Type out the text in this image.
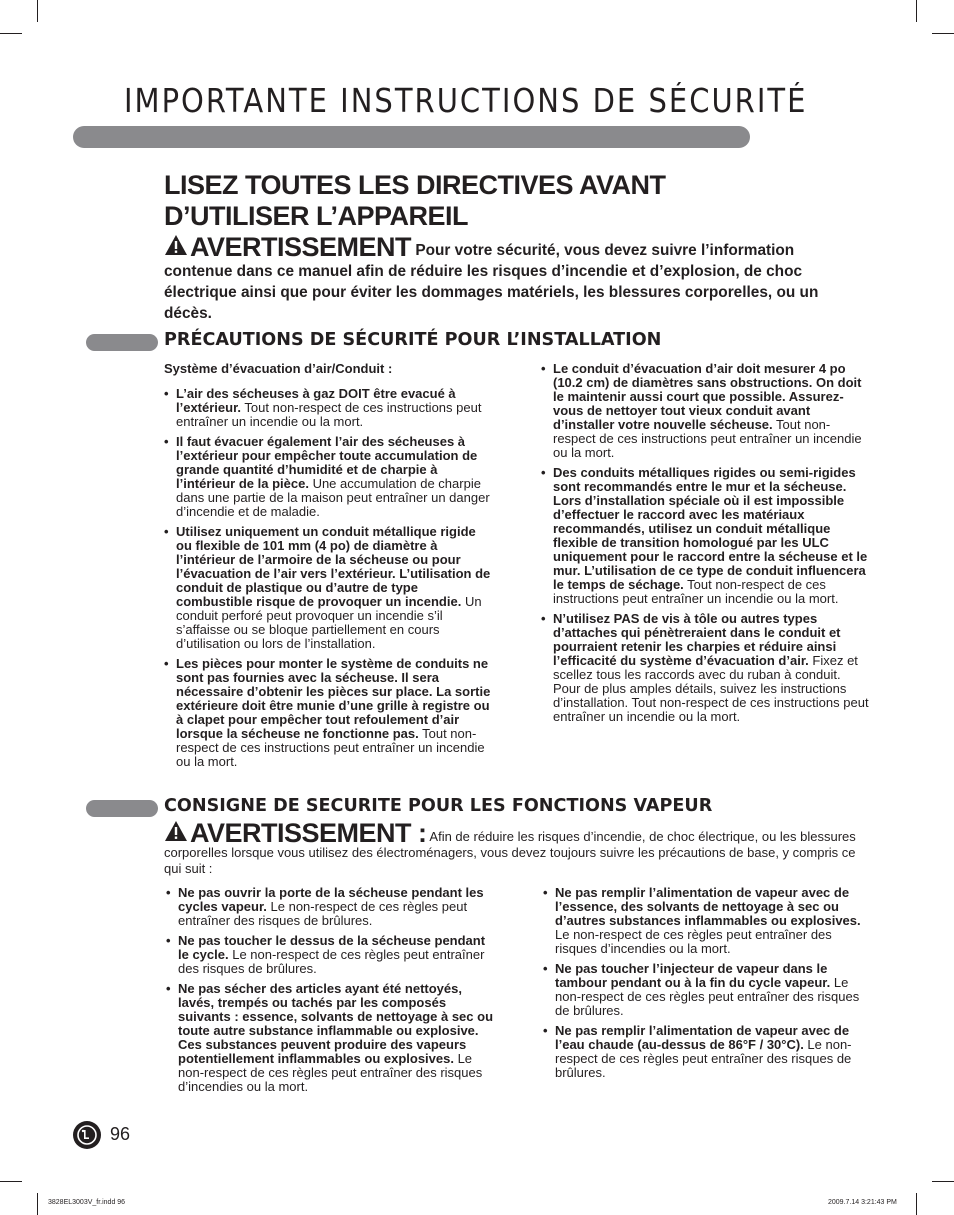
IMPORTANTE INSTRUCTIONS DE SÉCURITÉ
LISEZ TOUTES LES DIRECTIVES AVANT
D’UTILISER L’APPAREIL
AVERTISSEMENT Pour votre sécurité, vous devez suivre l’information contenue dans ce manuel afin de réduire les risques d’incendie et d’explosion, de choc électrique ainsi que pour éviter les dommages matériels, les blessures corporelles, ou un décès.
PRÉCAUTIONS DE SÉCURITÉ POUR L’INSTALLATION
Système d’évacuation d’air/Conduit :
• L’air des sécheuses à gaz DOIT être evacué à l’extérieur. Tout non-respect de ces instructions peut entraîner un incendie ou la mort.
• Il faut évacuer également l’air des sécheuses à l’extérieur pour empêcher toute accumulation de grande quantité d’humidité et de charpie à l’intérieur de la pièce. Une accumulation de charpie dans une partie de la maison peut entraîner un danger d’incendie et de maladie.
• Utilisez uniquement un conduit métallique rigide ou flexible de 101 mm (4 po) de diamètre à l’intérieur de l’armoire de la sécheuse ou pour l’évacuation de l’air vers l’extérieur. L’utilisation de conduit de plastique ou d’autre de type combustible risque de provoquer un incendie. Un conduit perforé peut provoquer un incendie s’il s’affaisse ou se bloque partiellement en cours d’utilisation ou lors de l’installation.
• Les pièces pour monter le système de conduits ne sont pas fournies avec la sécheuse. Il sera nécessaire d’obtenir les pièces sur place. La sortie extérieure doit être munie d’une grille à registre ou à clapet pour empêcher tout refoulement d’air lorsque la sécheuse ne fonctionne pas. Tout non-respect de ces instructions peut entraîner un incendie ou la mort.
• Le conduit d’évacuation d’air doit mesurer 4 po (10.2 cm) de diamètres sans obstructions. On doit le maintenir aussi court que possible. Assurez-vous de nettoyer tout vieux conduit avant d’installer votre nouvelle sécheuse. Tout non-respect de ces instructions peut entraîner un incendie ou la mort.
• Des conduits métalliques rigides ou semi-rigides sont recommandés entre le mur et la sécheuse. Lors d’installation spéciale où il est impossible d’effectuer le raccord avec les matériaux recommandés, utilisez un conduit métallique flexible de transition homologué par les ULC uniquement pour le raccord entre la sécheuse et le mur. L’utilisation de ce type de conduit influencera le temps de séchage. Tout non-respect de ces instructions peut entraîner un incendie ou la mort.
• N’utilisez PAS de vis à tôle ou autres types d’attaches qui pénètreraient dans le conduit et pourraient retenir les charpies et réduire ainsi l’efficacité du système d’évacuation d’air. Fixez et scellez tous les raccords avec du ruban à conduit. Pour de plus amples détails, suivez les instructions d’installation. Tout non-respect de ces instructions peut entraîner un incendie ou la mort.
CONSIGNE DE SECURITE POUR LES FONCTIONS VAPEUR
AVERTISSEMENT : Afin de réduire les risques d’incendie, de choc électrique, ou les blessures corporelles lorsque vous utilisez des électroménagers, vous devez toujours suivre les précautions de base, y compris ce qui suit :
• Ne pas ouvrir la porte de la sécheuse pendant les cycles vapeur. Le non-respect de ces règles peut entraîner des risques de brûlures.
• Ne pas toucher le dessus de la sécheuse pendant le cycle. Le non-respect de ces règles peut entraîner des risques de brûlures.
• Ne pas sécher des articles ayant été nettoyés, lavés, trempés ou tachés par les composés suivants : essence, solvants de nettoyage à sec ou toute autre substance inflammable ou explosive. Ces substances peuvent produire des vapeurs potentiellement inflammables ou explosives. Le non-respect de ces règles peut entraîner des risques d’incendies ou la mort.
• Ne pas remplir l’alimentation de vapeur avec de l’essence, des solvants de nettoyage à sec ou d’autres substances inflammables ou explosives. Le non-respect de ces règles peut entraîner des risques d’incendies ou la mort.
• Ne pas toucher l’injecteur de vapeur dans le tambour pendant ou à la fin du cycle vapeur. Le non-respect de ces règles peut entraîner des risques de brûlures.
• Ne pas remplir l’alimentation de vapeur avec de l’eau chaude (au-dessus de 86°F / 30°C). Le non-respect de ces règles peut entraîner des risques de brûlures.
96
3828EL3003V_fr.indd 96	2009.7.14 3:21:43 PM
